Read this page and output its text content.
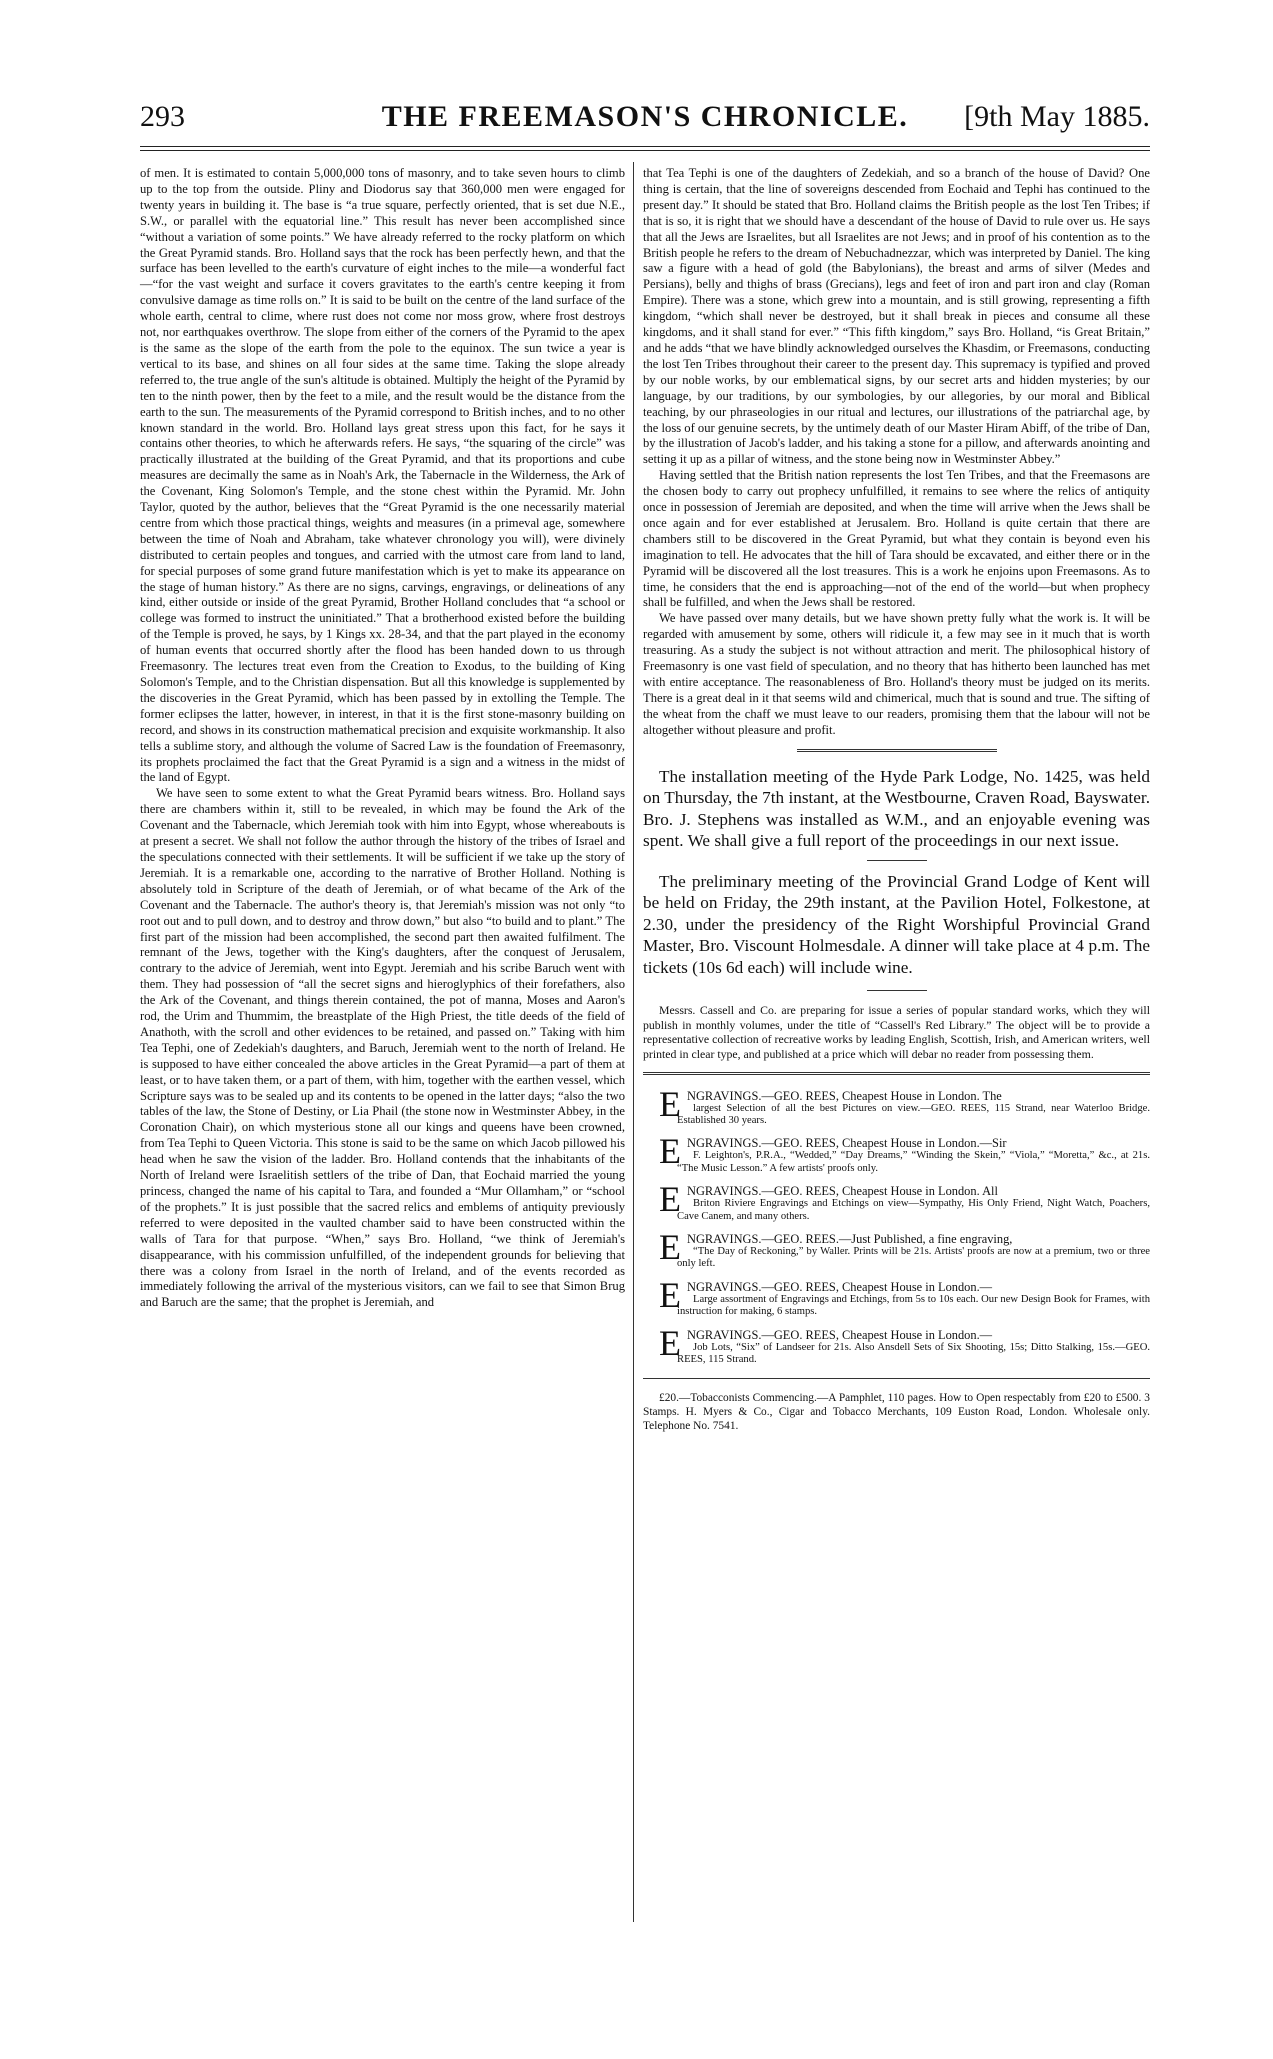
293	THE FREEMASON'S CHRONICLE.	[9th May 1885.

of men. It is estimated to contain 5,000,000 tons of masonry, and to take seven hours to climb up to the top from the outside. Pliny and Diodorus say that 360,000 men were engaged for twenty years in building it. The base is “a true square, perfectly oriented, that is set due N.E., S.W., or parallel with the equatorial line.” This result has never been accomplished since “without a variation of some points.” We have already referred to the rocky platform on which the Great Pyramid stands. Bro. Holland says that the rock has been perfectly hewn, and that the surface has been levelled to the earth's curvature of eight inches to the mile—a wonderful fact—“for the vast weight and surface it covers gravitates to the earth's centre keeping it from convulsive damage as time rolls on.” It is said to be built on the centre of the land surface of the whole earth, central to clime, where rust does not come nor moss grow, where frost destroys not, nor earthquakes overthrow. The slope from either of the corners of the Pyramid to the apex is the same as the slope of the earth from the pole to the equinox. The sun twice a year is vertical to its base, and shines on all four sides at the same time. Taking the slope already referred to, the true angle of the sun's altitude is obtained. Multiply the height of the Pyramid by ten to the ninth power, then by the feet to a mile, and the result would be the distance from the earth to the sun. The measurements of the Pyramid correspond to British inches, and to no other known standard in the world. Bro. Holland lays great stress upon this fact, for he says it contains other theories, to which he afterwards refers. He says, “the squaring of the circle” was practically illustrated at the building of the Great Pyramid, and that its proportions and cube measures are decimally the same as in Noah's Ark, the Tabernacle in the Wilderness, the Ark of the Covenant, King Solomon's Temple, and the stone chest within the Pyramid. Mr. John Taylor, quoted by the author, believes that the “Great Pyramid is the one necessarily material centre from which those practical things, weights and measures (in a primeval age, somewhere between the time of Noah and Abraham, take whatever chronology you will), were divinely distributed to certain peoples and tongues, and carried with the utmost care from land to land, for special purposes of some grand future manifestation which is yet to make its appearance on the stage of human history.” As there are no signs, carvings, engravings, or delineations of any kind, either outside or inside of the great Pyramid, Brother Holland concludes that “a school or college was formed to instruct the uninitiated.” That a brotherhood existed before the building of the Temple is proved, he says, by 1 Kings xx. 28-34, and that the part played in the economy of human events that occurred shortly after the flood has been handed down to us through Freemasonry. The lectures treat even from the Creation to Exodus, to the building of King Solomon's Temple, and to the Christian dispensation. But all this knowledge is supplemented by the discoveries in the Great Pyramid, which has been passed by in extolling the Temple. The former eclipses the latter, however, in interest, in that it is the first stone-masonry building on record, and shows in its construction mathematical precision and exquisite workmanship. It also tells a sublime story, and although the volume of Sacred Law is the foundation of Freemasonry, its prophets proclaimed the fact that the Great Pyramid is a sign and a witness in the midst of the land of Egypt.

We have seen to some extent to what the Great Pyramid bears witness. Bro. Holland says there are chambers within it, still to be revealed, in which may be found the Ark of the Covenant and the Tabernacle, which Jeremiah took with him into Egypt, whose whereabouts is at present a secret. We shall not follow the author through the history of the tribes of Israel and the speculations connected with their settlements. It will be sufficient if we take up the story of Jeremiah. It is a remarkable one, according to the narrative of Brother Holland. Nothing is absolutely told in Scripture of the death of Jeremiah, or of what became of the Ark of the Covenant and the Tabernacle. The author's theory is, that Jeremiah's mission was not only “to root out and to pull down, and to destroy and throw down,” but also “to build and to plant.” The first part of the mission had been accomplished, the second part then awaited fulfilment. The remnant of the Jews, together with the King's daughters, after the conquest of Jerusalem, contrary to the advice of Jeremiah, went into Egypt. Jeremiah and his scribe Baruch went with them. They had possession of “all the secret signs and hieroglyphics of their forefathers, also the Ark of the Covenant, and things therein contained, the pot of manna, Moses and Aaron's rod, the Urim and Thummim, the breastplate of the High Priest, the title deeds of the field of Anathoth, with the scroll and other evidences to be retained, and passed on.” Taking with him Tea Tephi, one of Zedekiah's daughters, and Baruch, Jeremiah went to the north of Ireland. He is supposed to have either concealed the above articles in the Great Pyramid—a part of them at least, or to have taken them, or a part of them, with him, together with the earthen vessel, which Scripture says was to be sealed up and its contents to be opened in the latter days; “also the two tables of the law, the Stone of Destiny, or Lia Phail (the stone now in Westminster Abbey, in the Coronation Chair), on which mysterious stone all our kings and queens have been crowned, from Tea Tephi to Queen Victoria. This stone is said to be the same on which Jacob pillowed his head when he saw the vision of the ladder. Bro. Holland contends that the inhabitants of the North of Ireland were Israelitish settlers of the tribe of Dan, that Eochaid married the young princess, changed the name of his capital to Tara, and founded a “Mur Ollamham,” or “school of the prophets.” It is just possible that the sacred relics and emblems of antiquity previously referred to were deposited in the vaulted chamber said to have been constructed within the walls of Tara for that purpose. “When,” says Bro. Holland, “we think of Jeremiah's disappearance, with his commission unfulfilled, of the independent grounds for believing that there was a colony from Israel in the north of Ireland, and of the events recorded as immediately following the arrival of the mysterious visitors, can we fail to see that Simon Brug and Baruch are the same; that the prophet is Jeremiah, and

that Tea Tephi is one of the daughters of Zedekiah, and so a branch of the house of David? One thing is certain, that the line of sovereigns descended from Eochaid and Tephi has continued to the present day.” It should be stated that Bro. Holland claims the British people as the lost Ten Tribes; if that is so, it is right that we should have a descendant of the house of David to rule over us. He says that all the Jews are Israelites, but all Israelites are not Jews; and in proof of his contention as to the British people he refers to the dream of Nebuchadnezzar, which was interpreted by Daniel. The king saw a figure with a head of gold (the Babylonians), the breast and arms of silver (Medes and Persians), belly and thighs of brass (Grecians), legs and feet of iron and part iron and clay (Roman Empire). There was a stone, which grew into a mountain, and is still growing, representing a fifth kingdom, “which shall never be destroyed, but it shall break in pieces and consume all these kingdoms, and it shall stand for ever.” “This fifth kingdom,” says Bro. Holland, “is Great Britain,” and he adds “that we have blindly acknowledged ourselves the Khasdim, or Freemasons, conducting the lost Ten Tribes throughout their career to the present day. This supremacy is typified and proved by our noble works, by our emblematical signs, by our secret arts and hidden mysteries; by our language, by our traditions, by our symbologies, by our allegories, by our moral and Biblical teaching, by our phraseologies in our ritual and lectures, our illustrations of the patriarchal age, by the loss of our genuine secrets, by the untimely death of our Master Hiram Abiff, of the tribe of Dan, by the illustration of Jacob's ladder, and his taking a stone for a pillow, and afterwards anointing and setting it up as a pillar of witness, and the stone being now in Westminster Abbey.”

Having settled that the British nation represents the lost Ten Tribes, and that the Freemasons are the chosen body to carry out prophecy unfulfilled, it remains to see where the relics of antiquity once in possession of Jeremiah are deposited, and when the time will arrive when the Jews shall be once again and for ever established at Jerusalem. Bro. Holland is quite certain that there are chambers still to be discovered in the Great Pyramid, but what they contain is beyond even his imagination to tell. He advocates that the hill of Tara should be excavated, and either there or in the Pyramid will be discovered all the lost treasures. This is a work he enjoins upon Freemasons. As to time, he considers that the end is approaching—not of the end of the world—but when prophecy shall be fulfilled, and when the Jews shall be restored.

We have passed over many details, but we have shown pretty fully what the work is. It will be regarded with amusement by some, others will ridicule it, a few may see in it much that is worth treasuring. As a study the subject is not without attraction and merit. The philosophical history of Freemasonry is one vast field of speculation, and no theory that has hitherto been launched has met with entire acceptance. The reasonableness of Bro. Holland's theory must be judged on its merits. There is a great deal in it that seems wild and chimerical, much that is sound and true. The sifting of the wheat from the chaff we must leave to our readers, promising them that the labour will not be altogether without pleasure and profit.

The installation meeting of the Hyde Park Lodge, No. 1425, was held on Thursday, the 7th instant, at the Westbourne, Craven Road, Bayswater. Bro. J. Stephens was installed as W.M., and an enjoyable evening was spent. We shall give a full report of the proceedings in our next issue.

The preliminary meeting of the Provincial Grand Lodge of Kent will be held on Friday, the 29th instant, at the Pavilion Hotel, Folkestone, at 2.30, under the presidency of the Right Worshipful Provincial Grand Master, Bro. Viscount Holmesdale. A dinner will take place at 4 p.m. The tickets (10s 6d each) will include wine.

Messrs. Cassell and Co. are preparing for issue a series of popular standard works, which they will publish in monthly volumes, under the title of “Cassell's Red Library.” The object will be to provide a representative collection of recreative works by leading English, Scottish, Irish, and American writers, well printed in clear type, and published at a price which will debar no reader from possessing them.

E NGRAVINGS.—GEO. REES, Cheapest House in London. The
largest Selection of all the best Pictures on view.—GEO. REES, 115 Strand, near Waterloo Bridge. Established 30 years.

E NGRAVINGS.—GEO. REES, Cheapest House in London.—Sir
F. Leighton's, P.R.A., “Wedded,” “Day Dreams,” “Winding the Skein,” “Viola,” “Moretta,” &c., at 21s. “The Music Lesson.” A few artists' proofs only.

E NGRAVINGS.—GEO. REES, Cheapest House in London. All
Briton Riviere Engravings and Etchings on view—Sympathy, His Only Friend, Night Watch, Poachers, Cave Canem, and many others.

E NGRAVINGS.—GEO. REES.—Just Published, a fine engraving,
“The Day of Reckoning,” by Waller. Prints will be 21s. Artists' proofs are now at a premium, two or three only left.

E NGRAVINGS.—GEO. REES, Cheapest House in London.—
Large assortment of Engravings and Etchings, from 5s to 10s each. Our new Design Book for Frames, with instruction for making, 6 stamps.

E NGRAVINGS.—GEO. REES, Cheapest House in London.—
Job Lots, “Six” of Landseer for 21s. Also Ansdell Sets of Six Shooting, 15s; Ditto Stalking, 15s.—GEO. REES, 115 Strand.

£20.—Tobacconists Commencing.—A Pamphlet, 110 pages. How to Open respectably from £20 to £500. 3 Stamps. H. Myers & Co., Cigar and Tobacco Merchants, 109 Euston Road, London. Wholesale only. Telephone No. 7541.
